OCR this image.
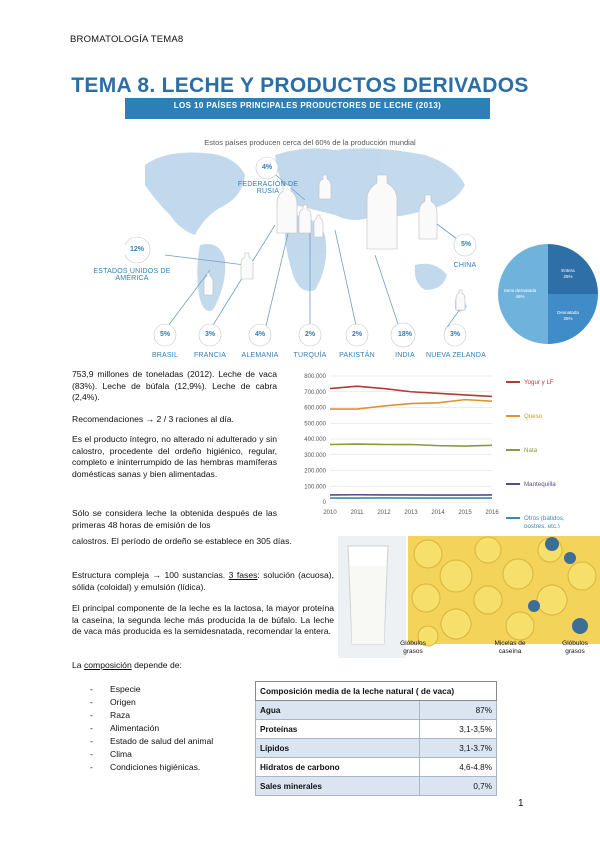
BROMATOLOGÍA TEMA8
TEMA 8. LECHE Y PRODUCTOS DERIVADOS
LOS 10 PAÍSES PRINCIPALES PRODUCTORES DE LECHE (2013)
Estos países producen cerca del 60% de la producción mundial
4%
FEDERACIÓN DE RUSIA
12%
ESTADOS UNIDOS DE AMÉRICA
5%
CHINA
5%
BRASIL
3%
FRANCIA
4%
ALEMANIA
2%
TURQUÍA
2%
PAKISTÁN
18%
INDIA
3%
NUEVA ZELANDA
Entera
25%
Desnatada
25%
Semi desnatada
46%
753,9 millones de toneladas (2012). Leche de vaca (83%). Leche de búfala (12,9%). Leche de cabra (2,4%).
Recomendaciones → 2 / 3 raciones al día.
Es el producto íntegro, no alterado ni adulterado y sin calostro, procedente del ordeño higiénico, regular, completo e ininterrumpido de las hembras mamíferas domésticas sanas y bien alimentadas.
Sólo se considera leche la obtenida después de las primeras 48 horas de emisión de los
calostros. El período de ordeño se establece en 305 días.
Estructura compleja → 100 sustancias. 3 fases: solución (acuosa), sólida (coloidal) y emulsión (lídica).
El principal componente de la leche es la lactosa, la mayor proteína la caseína, la segunda leche más producida la de búfalo. La leche de vaca más producida es la semidesnatada, recomendar la entera.
La composición depende de:
- Especie
- Origen
- Raza
- Alimentación
- Estado de salud del animal
- Clima
- Condiciones higiénicas.
0
100.000
200.000
300.000
400.000
500.000
600.000
700.000
800.000
2010 2011 2012 2013 2014 2015 2016
Yogur y LF
Queso
Nata
Mantequilla
Otros (batidos, postres, etc.)
Glóbulos grasos
Micelas de caseína
Glóbulos grasos
Composición media de la leche natural ( de vaca)	
Agua	87%
Proteínas	3,1-3,5%
Lípidos	3,1-3.7%
Hidratos de carbono	4,6-4.8%
Sales minerales	0,7%
1
